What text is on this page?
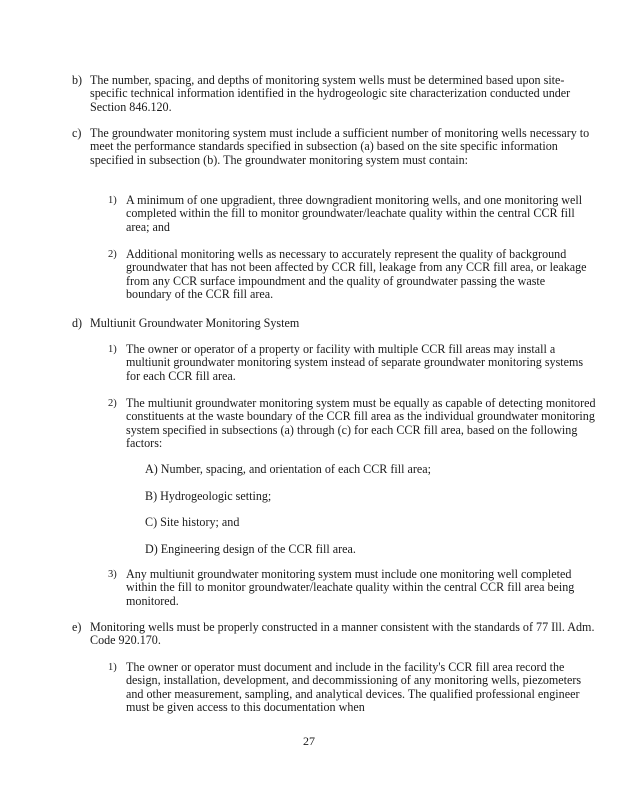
b) The number, spacing, and depths of monitoring system wells must be determined based upon site-specific technical information identified in the hydrogeologic site characterization conducted under Section 846.120.
c) The groundwater monitoring system must include a sufficient number of monitoring wells necessary to meet the performance standards specified in subsection (a) based on the site specific information specified in subsection (b). The groundwater monitoring system must contain:
1) A minimum of one upgradient, three downgradient monitoring wells, and one monitoring well completed within the fill to monitor groundwater/leachate quality within the central CCR fill area; and
2) Additional monitoring wells as necessary to accurately represent the quality of background groundwater that has not been affected by CCR fill, leakage from any CCR fill area, or leakage from any CCR surface impoundment and the quality of groundwater passing the waste boundary of the CCR fill area.
d) Multiunit Groundwater Monitoring System
1) The owner or operator of a property or facility with multiple CCR fill areas may install a multiunit groundwater monitoring system instead of separate groundwater monitoring systems for each CCR fill area.
2) The multiunit groundwater monitoring system must be equally as capable of detecting monitored constituents at the waste boundary of the CCR fill area as the individual groundwater monitoring system specified in subsections (a) through (c) for each CCR fill area, based on the following factors:
A) Number, spacing, and orientation of each CCR fill area;
B) Hydrogeologic setting;
C) Site history; and
D) Engineering design of the CCR fill area.
3) Any multiunit groundwater monitoring system must include one monitoring well completed within the fill to monitor groundwater/leachate quality within the central CCR fill area being monitored.
e) Monitoring wells must be properly constructed in a manner consistent with the standards of 77 Ill. Adm. Code 920.170.
1) The owner or operator must document and include in the facility's CCR fill area record the design, installation, development, and decommissioning of any monitoring wells, piezometers and other measurement, sampling, and analytical devices. The qualified professional engineer must be given access to this documentation when
27
